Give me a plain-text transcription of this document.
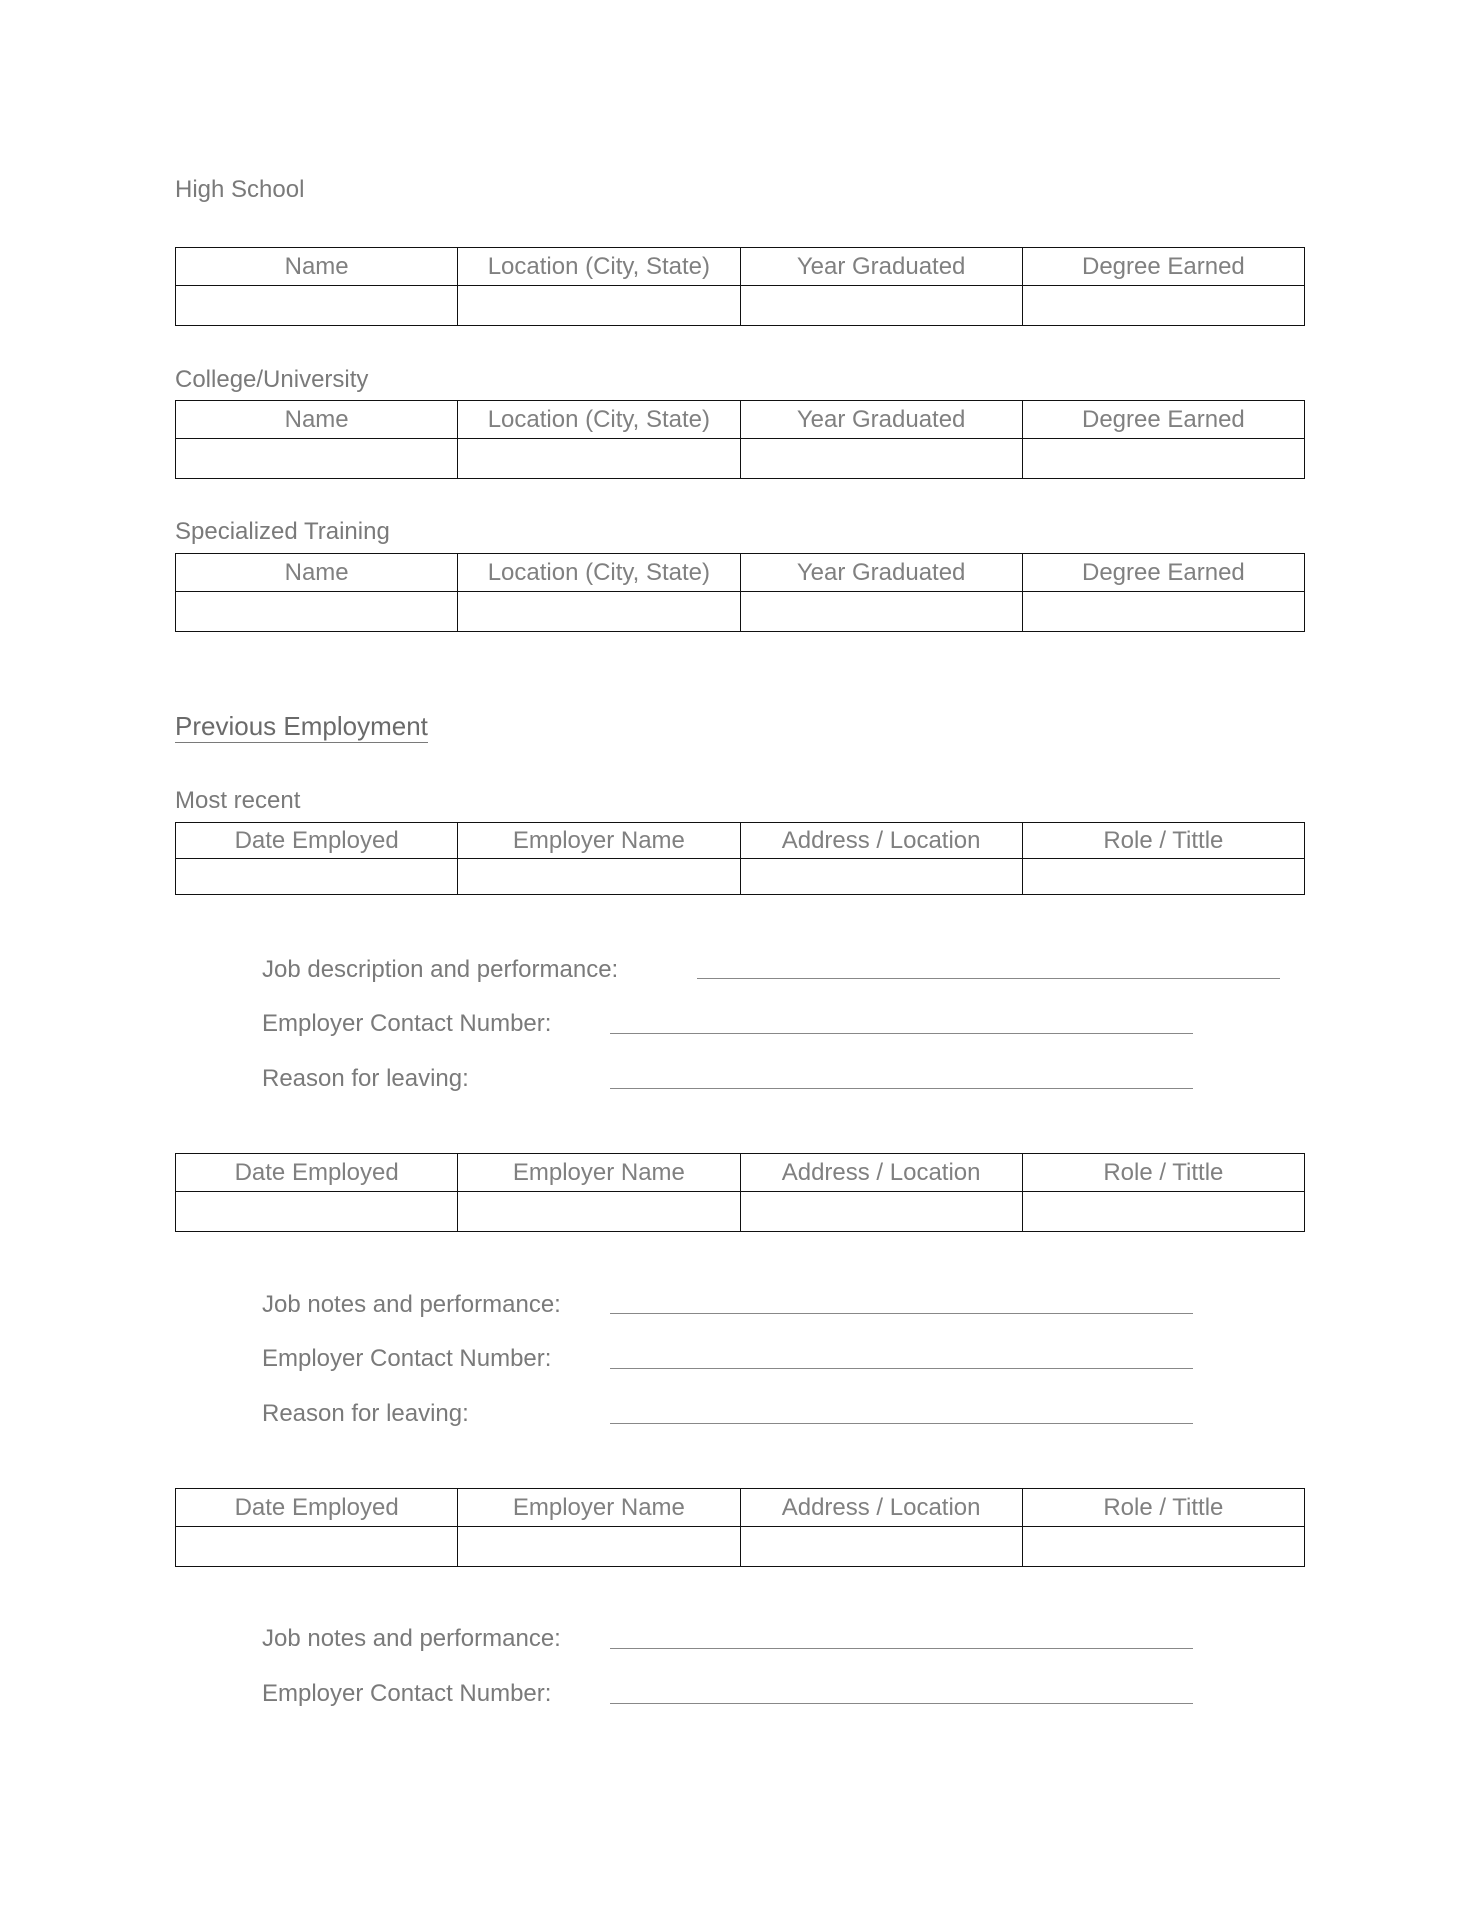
High School
Name	Location (City, State)	Year Graduated	Degree Earned

College/University
Name	Location (City, State)	Year Graduated	Degree Earned

Specialized Training
Name	Location (City, State)	Year Graduated	Degree Earned

Previous Employment
Most recent
Date Employed	Employer Name	Address / Location	Role / Tittle

Job description and performance:
Employer Contact Number:
Reason for leaving:
Date Employed	Employer Name	Address / Location	Role / Tittle

Job notes and performance:
Employer Contact Number:
Reason for leaving:
Date Employed	Employer Name	Address / Location	Role / Tittle

Job notes and performance:
Employer Contact Number:
